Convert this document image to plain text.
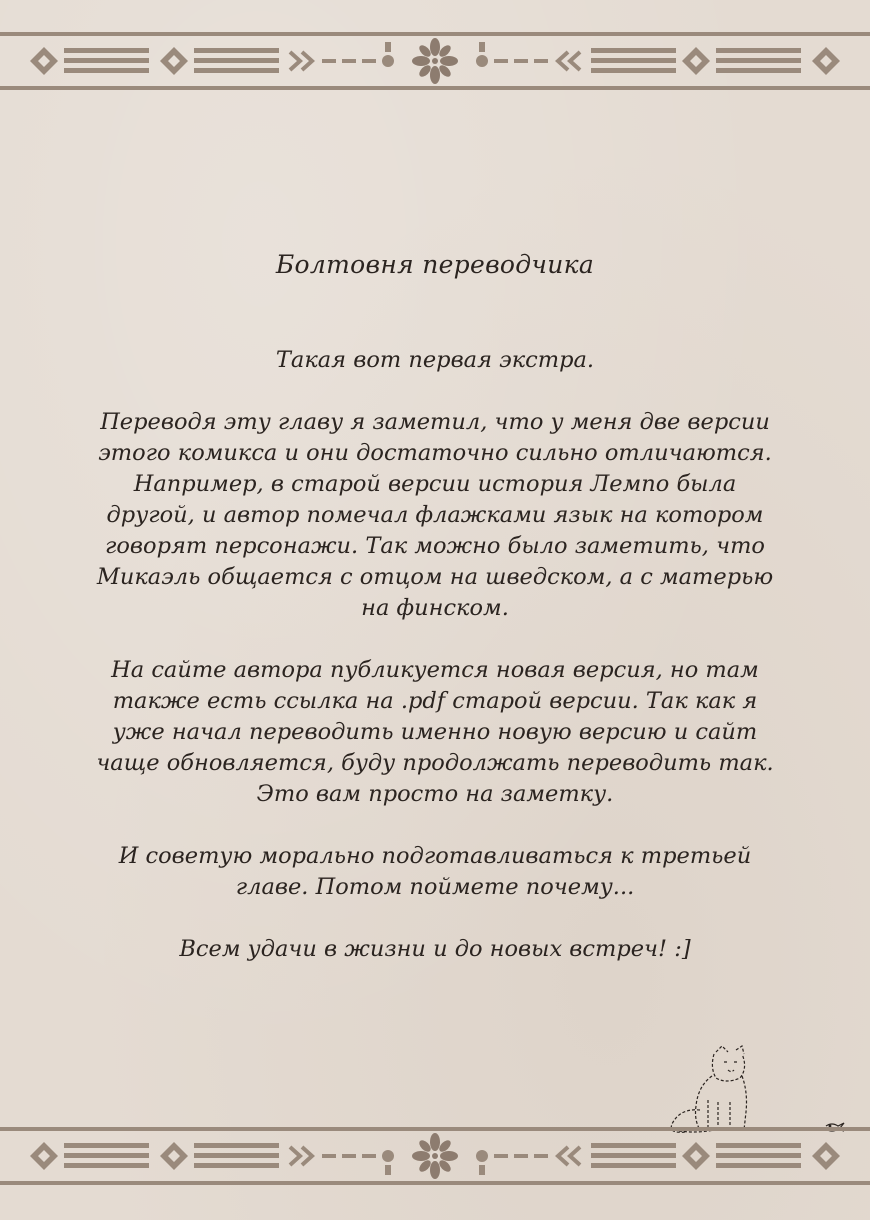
Болтовня переводчика

Такая вот первая экстра.

Переводя эту главу я заметил, что у меня две версии этого комикса и они достаточно сильно отличаются. Например, в старой версии история Лемпо была другой, и автор помечал флажками язык на котором говорят персонажи. Так можно было заметить, что Микаэль общается с отцом на шведском, а с матерью на финском.

На сайте автора публикуется новая версия, но там также есть ссылка на .pdf старой версии. Так как я уже начал переводить именно новую версию и сайт чаще обновляется, буду продолжать переводить так. Это вам просто на заметку.

И советую морально подготавливаться к третьей главе. Потом поймете почему...

Всем удачи в жизни и до новых встреч! :]
